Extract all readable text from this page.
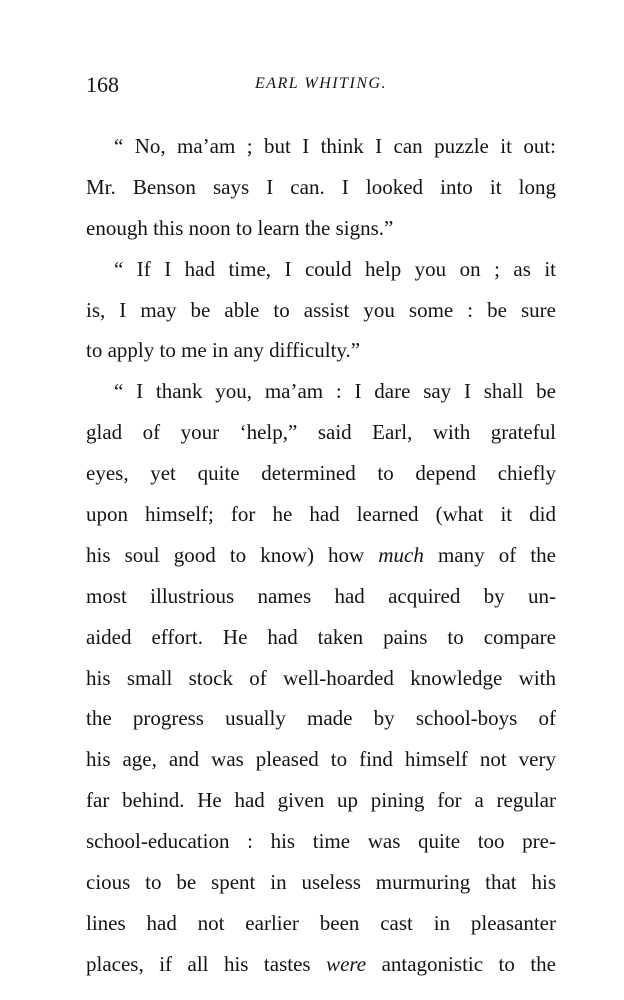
168	EARL WHITING.
“ No, ma’am ; but I think I can puzzle it out:
Mr. Benson says I can. I looked into it long
enough this noon to learn the signs.”
“ If I had time, I could help you on ; as it
is, I may be able to assist you some : be sure
to apply to me in any difficulty.”
“ I thank you, ma’am : I dare say I shall be
glad of your ‘help,” said Earl, with grateful
eyes, yet quite determined to depend chiefly
upon himself; for he had learned (what it did
his soul good to know) how much many of the
most illustrious names had acquired by un-
aided effort. He had taken pains to compare
his small stock of well-hoarded knowledge with
the progress usually made by school-boys of
his age, and was pleased to find himself not very
far behind. He had given up pining for a regular
school-education : his time was quite too pre-
cious to be spent in useless murmuring that his
lines had not earlier been cast in pleasanter
places, if all his tastes were antagonistic to the
